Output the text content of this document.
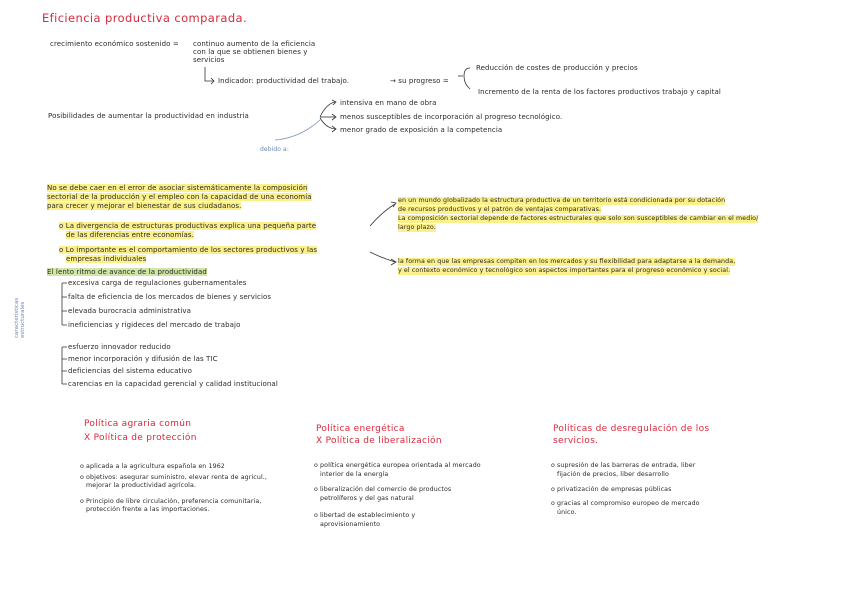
Eficiencia productiva comparada.
crecimiento económico sostenido = continuo aumento de la eficiencia
con la que se obtienen bienes y
servicios
Indicador: productividad del trabajo.	→ su progreso =
Reducción de costes de producción y precios
Incremento de la renta de los factores productivos trabajo y capital
Posibilidades de aumentar la productividad en industria
intensiva en mano de obra
menos susceptibles de incorporación al progreso tecnológico.
menor grado de exposición a la competencia
debido a:
No se debe caer en el error de asociar sistemáticamente la composición
sectorial de la producción y el empleo con la capacidad de una economía
para crecer y mejorar el bienestar de sus ciudadanos.
o La divergencia de estructuras productivas explica una pequeña parte
de las diferencias entre economías.
o Lo importante es el comportamiento de los sectores productivos y las
empresas individuales
en un mundo globalizado la estructura productiva de un territorio está condicionada por su dotación
de recursos productivos y el patrón de ventajas comparativas.
La composición sectorial depende de factores estructurales que solo son susceptibles de cambiar en el medio/
largo plazo.
la forma en que las empresas compiten en los mercados y su flexibilidad para adaptarse a la demanda,
y el contexto económico y tecnológico son aspectos importantes para el progreso económico y social.
El lento ritmo de avance de la productividad
características
estructurales
excesiva carga de regulaciones gubernamentales
falta de eficiencia de los mercados de bienes y servicios
elevada burocracia administrativa
ineficiencias y rigideces del mercado de trabajo
esfuerzo innovador reducido
menor incorporación y difusión de las TIC
deficiencias del sistema educativo
carencias en la capacidad gerencial y calidad institucional
Política agraria común
X Política de protección
o aplicada a la agricultura española en 1962
o objetivos: asegurar suministro, elevar renta de agricul.,
mejorar la productividad agrícola.
o Principio de libre circulación, preferencia comunitaria,
protección frente a las importaciones.
Política energética
X Política de liberalización
o política energética europea orientada al mercado
interior de la energía
o liberalización del comercio de productos
petrolíferos y del gas natural
o libertad de establecimiento y
aprovisionamiento
Políticas de desregulación de los
servicios.
o supresión de las barreras de entrada, liber
fijación de precios, liber desarrollo
o privatización de empresas públicas
o gracias al compromiso europeo de mercado
único.
